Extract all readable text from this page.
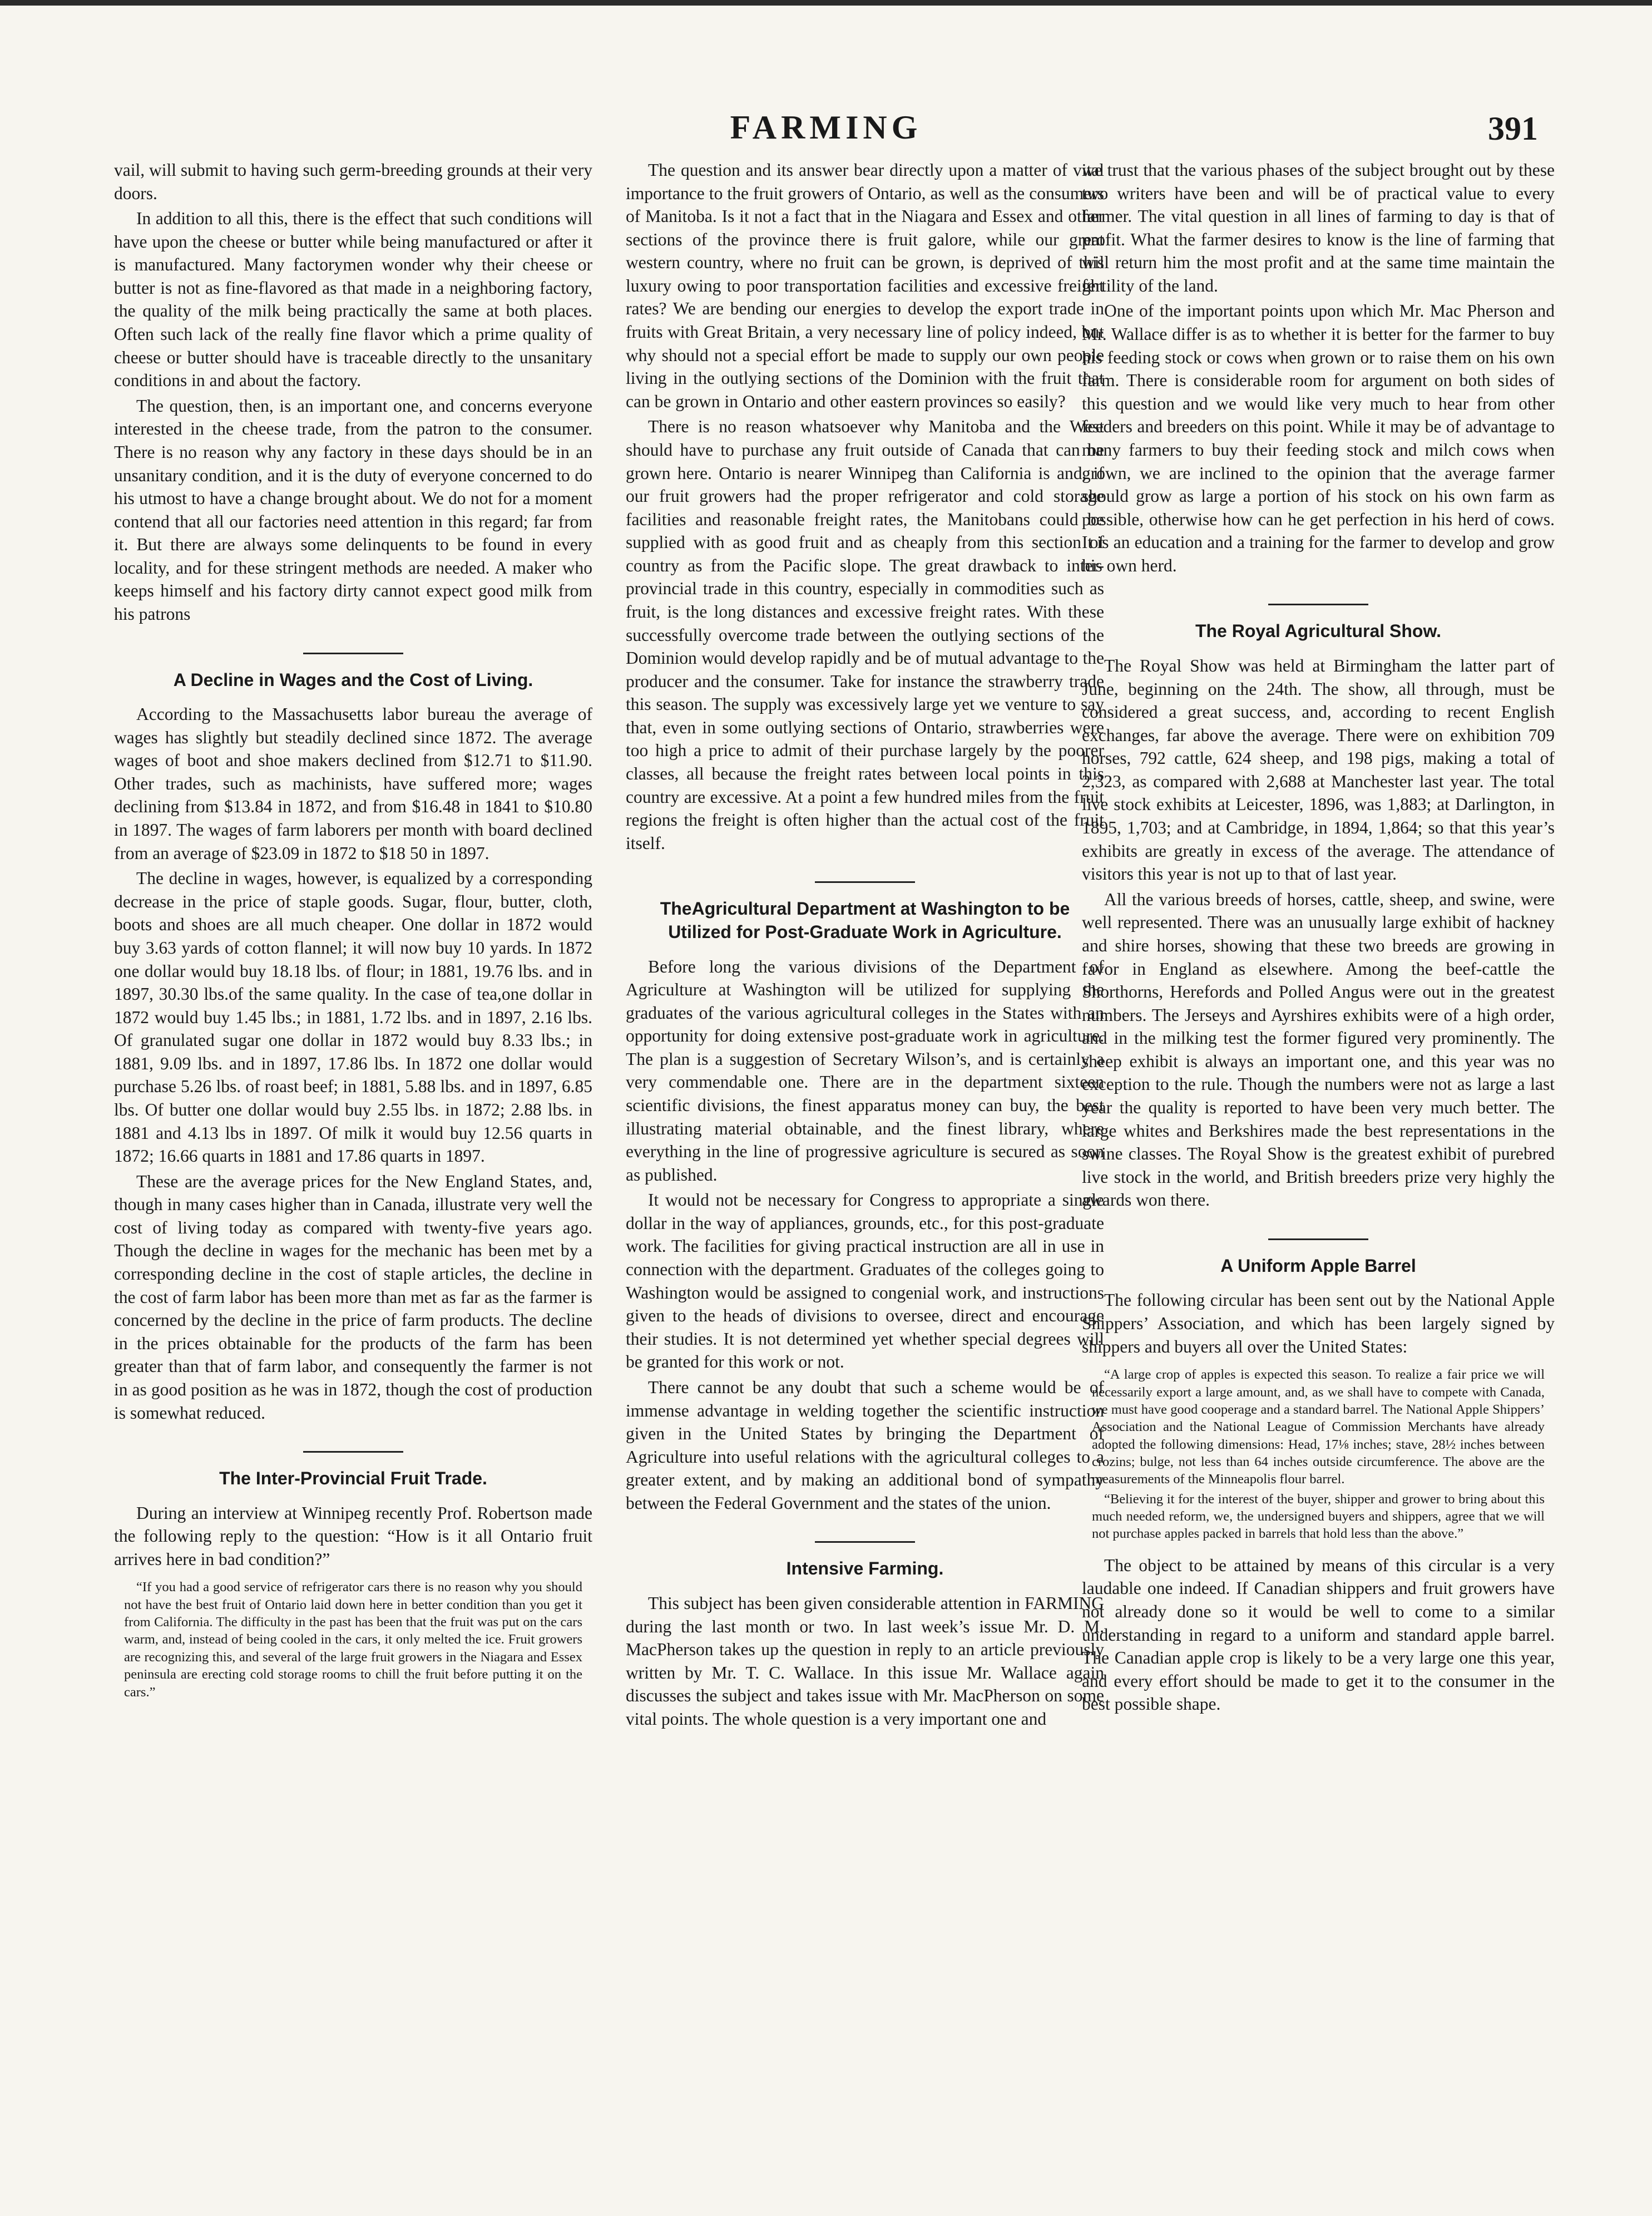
FARMING	391

vail, will submit to having such germ-breeding grounds at their very doors.

In addition to all this, there is the effect that such conditions will have upon the cheese or butter while being manufactured or after it is manufactured. Many factorymen wonder why their cheese or butter is not as fine-flavored as that made in a neighboring factory, the quality of the milk being practically the same at both places. Often such lack of the really fine flavor which a prime quality of cheese or butter should have is traceable directly to the unsanitary conditions in and about the factory.

The question, then, is an important one, and concerns everyone interested in the cheese trade, from the patron to the consumer. There is no reason why any factory in these days should be in an unsanitary condition, and it is the duty of everyone concerned to do his utmost to have a change brought about. We do not for a moment contend that all our factories need attention in this regard; far from it. But there are always some delinquents to be found in every locality, and for these stringent methods are needed. A maker who keeps himself and his factory dirty cannot expect good milk from his patrons

A Decline in Wages and the Cost of Living.

According to the Massachusetts labor bureau the average of wages has slightly but steadily declined since 1872. The average wages of boot and shoe makers declined from $12.71 to $11.90. Other trades, such as machinists, have suffered more; wages declining from $13.84 in 1872, and from $16.48 in 1841 to $10.80 in 1897. The wages of farm laborers per month with board declined from an average of $23.09 in 1872 to $18 50 in 1897.

The decline in wages, however, is equalized by a corresponding decrease in the price of staple goods. Sugar, flour, butter, cloth, boots and shoes are all much cheaper. One dollar in 1872 would buy 3.63 yards of cotton flannel; it will now buy 10 yards. In 1872 one dollar would buy 18.18 lbs. of flour; in 1881, 19.76 lbs. and in 1897, 30.30 lbs.of the same quality. In the case of tea,one dollar in 1872 would buy 1.45 lbs.; in 1881, 1.72 lbs. and in 1897, 2.16 lbs. Of granulated sugar one dollar in 1872 would buy 8.33 lbs.; in 1881, 9.09 lbs. and in 1897, 17.86 lbs. In 1872 one dollar would purchase 5.26 lbs. of roast beef; in 1881, 5.88 lbs. and in 1897, 6.85 lbs. Of butter one dollar would buy 2.55 lbs. in 1872; 2.88 lbs. in 1881 and 4.13 lbs in 1897. Of milk it would buy 12.56 quarts in 1872; 16.66 quarts in 1881 and 17.86 quarts in 1897.

These are the average prices for the New England States, and, though in many cases higher than in Canada, illustrate very well the cost of living today as compared with twenty-five years ago. Though the decline in wages for the mechanic has been met by a corresponding decline in the cost of staple articles, the decline in the cost of farm labor has been more than met as far as the farmer is concerned by the decline in the price of farm products. The decline in the prices obtainable for the products of the farm has been greater than that of farm labor, and consequently the farmer is not in as good position as he was in 1872, though the cost of production is somewhat reduced.

The Inter-Provincial Fruit Trade.

During an interview at Winnipeg recently Prof. Robertson made the following reply to the question: “How is it all Ontario fruit arrives here in bad condition?”

“If you had a good service of refrigerator cars there is no reason why you should not have the best fruit of Ontario laid down here in better condition than you get it from California. The difficulty in the past has been that the fruit was put on the cars warm, and, instead of being cooled in the cars, it only melted the ice. Fruit growers are recognizing this, and several of the large fruit growers in the Niagara and Essex peninsula are erecting cold storage rooms to chill the fruit before putting it on the cars.”

The question and its answer bear directly upon a matter of vital importance to the fruit growers of Ontario, as well as the consumers of Manitoba. Is it not a fact that in the Niagara and Essex and other sections of the province there is fruit galore, while our great western country, where no fruit can be grown, is deprived of this luxury owing to poor transportation facilities and excessive freight rates? We are bending our energies to develop the export trade in fruits with Great Britain, a very necessary line of policy indeed, but why should not a special effort be made to supply our own people living in the outlying sections of the Dominion with the fruit that can be grown in Ontario and other eastern provinces so easily?

There is no reason whatsoever why Manitoba and the West should have to purchase any fruit outside of Canada that can be grown here. Ontario is nearer Winnipeg than California is and, if our fruit growers had the proper refrigerator and cold storage facilities and reasonable freight rates, the Manitobans could be supplied with as good fruit and as cheaply from this section of country as from the Pacific slope. The great drawback to inter-provincial trade in this country, especially in commodities such as fruit, is the long distances and excessive freight rates. With these successfully overcome trade between the outlying sections of the Dominion would develop rapidly and be of mutual advantage to the producer and the consumer. Take for instance the strawberry trade this season. The supply was excessively large yet we venture to say that, even in some outlying sections of Ontario, strawberries were too high a price to admit of their purchase largely by the poorer classes, all because the freight rates between local points in this country are excessive. At a point a few hundred miles from the fruit regions the freight is often higher than the actual cost of the fruit itself.

TheAgricultural Department at Washington to be Utilized for Post-Graduate Work in Agriculture.

Before long the various divisions of the Department of Agriculture at Washington will be utilized for supplying the graduates of the various agricultural colleges in the States with an opportunity for doing extensive post-graduate work in agriculture. The plan is a suggestion of Secretary Wilson’s, and is certainly a very commendable one. There are in the department sixteen scientific divisions, the finest apparatus money can buy, the best illustrating material obtainable, and the finest library, where everything in the line of progressive agriculture is secured as soon as published.

It would not be necessary for Congress to appropriate a single dollar in the way of appliances, grounds, etc., for this post-graduate work. The facilities for giving practical instruction are all in use in connection with the department. Graduates of the colleges going to Washington would be assigned to congenial work, and instructions given to the heads of divisions to oversee, direct and encourage their studies. It is not determined yet whether special degrees will be granted for this work or not.

There cannot be any doubt that such a scheme would be of immense advantage in welding together the scientific instruction given in the United States by bringing the Department of Agriculture into useful relations with the agricultural colleges to a greater extent, and by making an additional bond of sympathy between the Federal Government and the states of the union.

Intensive Farming.

This subject has been given considerable attention in FARMING during the last month or two. In last week’s issue Mr. D. M. MacPherson takes up the question in reply to an article previously written by Mr. T. C. Wallace. In this issue Mr. Wallace again discusses the subject and takes issue with Mr. MacPherson on some vital points. The whole question is a very important one and

we trust that the various phases of the subject brought out by these two writers have been and will be of practical value to every farmer. The vital question in all lines of farming to day is that of profit. What the farmer desires to know is the line of farming that will return him the most profit and at the same time maintain the fertility of the land.

One of the important points upon which Mr. Mac Pherson and Mr. Wallace differ is as to whether it is better for the farmer to buy his feeding stock or cows when grown or to raise them on his own farm. There is considerable room for argument on both sides of this question and we would like very much to hear from other feeders and breeders on this point. While it may be of advantage to many farmers to buy their feeding stock and milch cows when grown, we are inclined to the opinion that the average farmer should grow as large a portion of his stock on his own farm as possible, otherwise how can he get perfection in his herd of cows. It is an education and a training for the farmer to develop and grow his own herd.

The Royal Agricultural Show.

The Royal Show was held at Birmingham the latter part of June, beginning on the 24th. The show, all through, must be considered a great success, and, according to recent English exchanges, far above the average. There were on exhibition 709 horses, 792 cattle, 624 sheep, and 198 pigs, making a total of 2,323, as compared with 2,688 at Manchester last year. The total live stock exhibits at Leicester, 1896, was 1,883; at Darlington, in 1895, 1,703; and at Cambridge, in 1894, 1,864; so that this year’s exhibits are greatly in excess of the average. The attendance of visitors this year is not up to that of last year.

All the various breeds of horses, cattle, sheep, and swine, were well represented. There was an unusually large exhibit of hackney and shire horses, showing that these two breeds are growing in favor in England as elsewhere. Among the beef-cattle the Shorthorns, Herefords and Polled Angus were out in the greatest numbers. The Jerseys and Ayrshires exhibits were of a high order, and in the milking test the former figured very prominently. The sheep exhibit is always an important one, and this year was no exception to the rule. Though the numbers were not as large a last year the quality is reported to have been very much better. The large whites and Berkshires made the best representations in the swine classes. The Royal Show is the greatest exhibit of purebred live stock in the world, and British breeders prize very highly the awards won there.

A Uniform Apple Barrel

The following circular has been sent out by the National Apple Shippers’ Association, and which has been largely signed by shippers and buyers all over the United States:

“A large crop of apples is expected this season. To realize a fair price we will necessarily export a large amount, and, as we shall have to compete with Canada, we must have good cooperage and a standard barrel. The National Apple Shippers’ Association and the National League of Commission Merchants have already adopted the following dimensions: Head, 17⅛ inches; stave, 28½ inches between crozins; bulge, not less than 64 inches outside circumference. The above are the measurements of the Minneapolis flour barrel.

“Believing it for the interest of the buyer, shipper and grower to bring about this much needed reform, we, the undersigned buyers and shippers, agree that we will not purchase apples packed in barrels that hold less than the above.”

The object to be attained by means of this circular is a very laudable one indeed. If Canadian shippers and fruit growers have not already done so it would be well to come to a similar understanding in regard to a uniform and standard apple barrel. The Canadian apple crop is likely to be a very large one this year, and every effort should be made to get it to the consumer in the best possible shape.
